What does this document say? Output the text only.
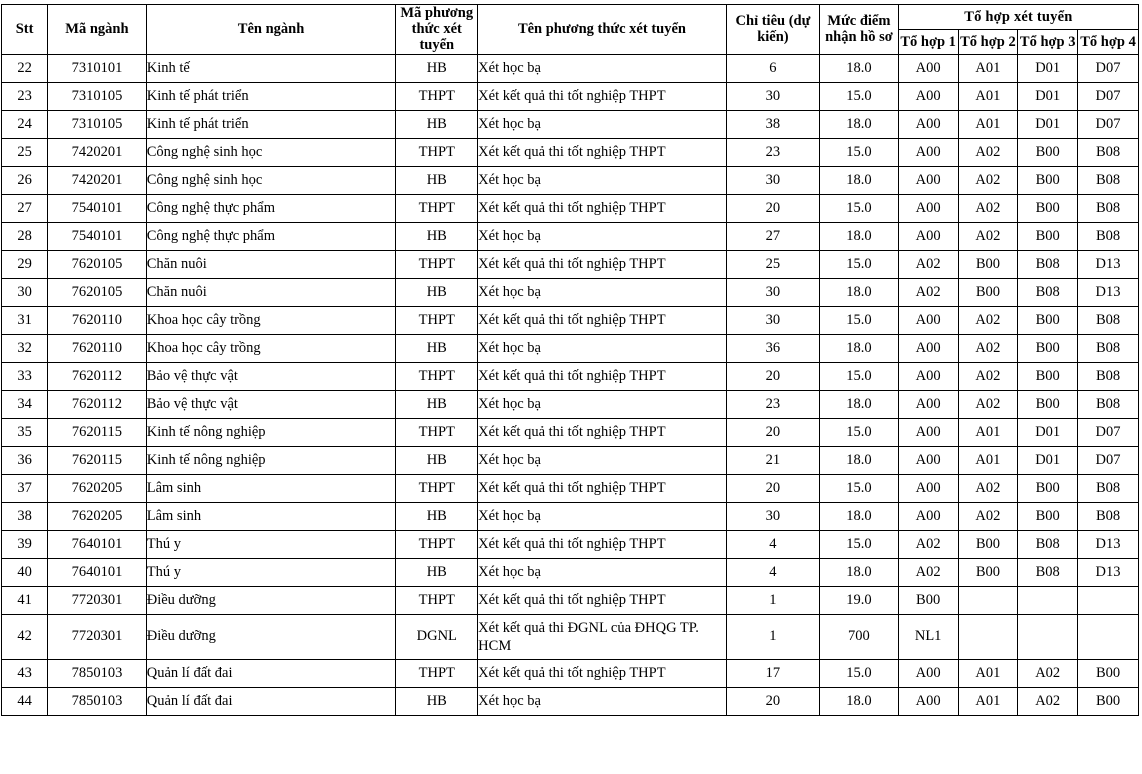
Stt	Mã ngành	Tên ngành	Mã phương thức xét tuyển	Tên phương thức xét tuyển	Chỉ tiêu (dự kiến)	Mức điểm nhận hồ sơ	Tổ hợp xét tuyển			
							Tổ hợp 1	Tổ hợp 2	Tổ hợp 3	Tổ hợp 4
22	7310101	Kinh tế	HB	Xét học bạ	6	18.0	A00	A01	D01	D07
23	7310105	Kinh tế phát triển	THPT	Xét kết quả thi tốt nghiệp THPT	30	15.0	A00	A01	D01	D07
24	7310105	Kinh tế phát triển	HB	Xét học bạ	38	18.0	A00	A01	D01	D07
25	7420201	Công nghệ sinh học	THPT	Xét kết quả thi tốt nghiệp THPT	23	15.0	A00	A02	B00	B08
26	7420201	Công nghệ sinh học	HB	Xét học bạ	30	18.0	A00	A02	B00	B08
27	7540101	Công nghệ thực phẩm	THPT	Xét kết quả thi tốt nghiệp THPT	20	15.0	A00	A02	B00	B08
28	7540101	Công nghệ thực phẩm	HB	Xét học bạ	27	18.0	A00	A02	B00	B08
29	7620105	Chăn nuôi	THPT	Xét kết quả thi tốt nghiệp THPT	25	15.0	A02	B00	B08	D13
30	7620105	Chăn nuôi	HB	Xét học bạ	30	18.0	A02	B00	B08	D13
31	7620110	Khoa học cây trồng	THPT	Xét kết quả thi tốt nghiệp THPT	30	15.0	A00	A02	B00	B08
32	7620110	Khoa học cây trồng	HB	Xét học bạ	36	18.0	A00	A02	B00	B08
33	7620112	Bảo vệ thực vật	THPT	Xét kết quả thi tốt nghiệp THPT	20	15.0	A00	A02	B00	B08
34	7620112	Bảo vệ thực vật	HB	Xét học bạ	23	18.0	A00	A02	B00	B08
35	7620115	Kinh tế nông nghiệp	THPT	Xét kết quả thi tốt nghiệp THPT	20	15.0	A00	A01	D01	D07
36	7620115	Kinh tế nông nghiệp	HB	Xét học bạ	21	18.0	A00	A01	D01	D07
37	7620205	Lâm sinh	THPT	Xét kết quả thi tốt nghiệp THPT	20	15.0	A00	A02	B00	B08
38	7620205	Lâm sinh	HB	Xét học bạ	30	18.0	A00	A02	B00	B08
39	7640101	Thú y	THPT	Xét kết quả thi tốt nghiệp THPT	4	15.0	A02	B00	B08	D13
40	7640101	Thú y	HB	Xét học bạ	4	18.0	A02	B00	B08	D13
41	7720301	Điều dưỡng	THPT	Xét kết quả thi tốt nghiệp THPT	1	19.0	B00			
42	7720301	Điều dưỡng	DGNL	Xét kết quả thi ĐGNL của ĐHQG TP. HCM	1	700	NL1			
43	7850103	Quản lí đất đai	THPT	Xét kết quả thi tốt nghiệp THPT	17	15.0	A00	A01	A02	B00
44	7850103	Quản lí đất đai	HB	Xét học bạ	20	18.0	A00	A01	A02	B00
